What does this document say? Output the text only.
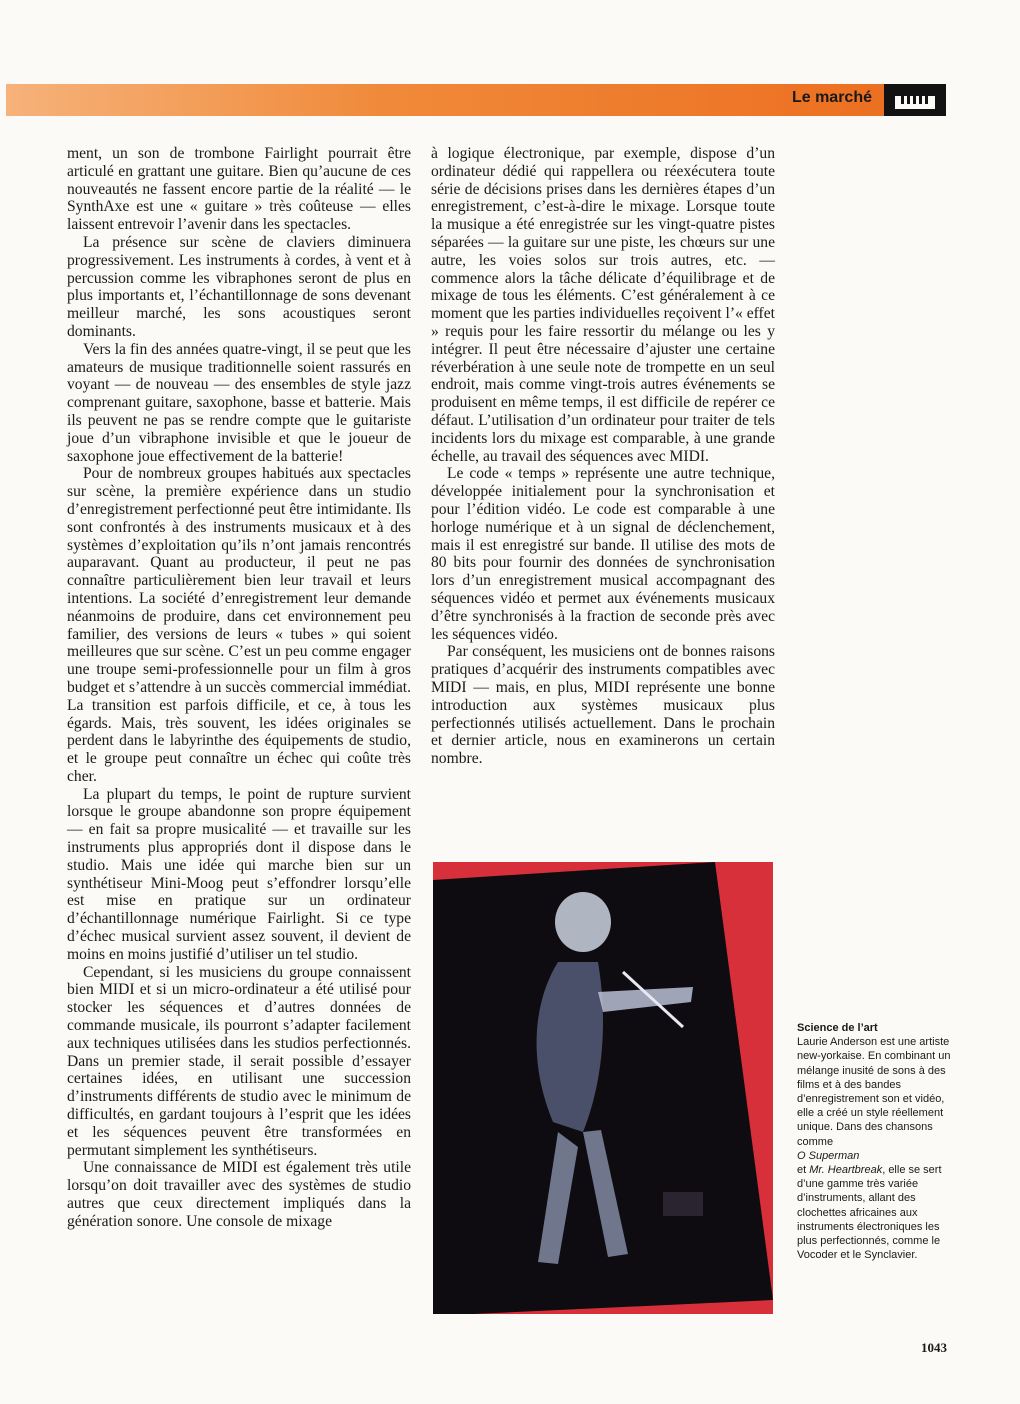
Le marché

ment, un son de trombone Fairlight pourrait être articulé en grattant une guitare. Bien qu’aucune de ces nouveautés ne fassent encore partie de la réalité — le SynthAxe est une « guitare » très coûteuse — elles laissent entrevoir l’avenir dans les spectacles.

La présence sur scène de claviers diminuera progressivement. Les instruments à cordes, à vent et à percussion comme les vibraphones seront de plus en plus importants et, l’échantillonnage de sons devenant meilleur marché, les sons acoustiques seront dominants.

Vers la fin des années quatre-vingt, il se peut que les amateurs de musique traditionnelle soient rassurés en voyant — de nouveau — des ensembles de style jazz comprenant guitare, saxophone, basse et batterie. Mais ils peuvent ne pas se rendre compte que le guitariste joue d’un vibraphone invisible et que le joueur de saxophone joue effectivement de la batterie!

Pour de nombreux groupes habitués aux spectacles sur scène, la première expérience dans un studio d’enregistrement perfectionné peut être intimidante. Ils sont confrontés à des instruments musicaux et à des systèmes d’exploitation qu’ils n’ont jamais rencontrés auparavant. Quant au producteur, il peut ne pas connaître particulièrement bien leur travail et leurs intentions. La société d’enregistrement leur demande néanmoins de produire, dans cet environnement peu familier, des versions de leurs « tubes » qui soient meilleures que sur scène. C’est un peu comme engager une troupe semi-professionnelle pour un film à gros budget et s’attendre à un succès commercial immédiat. La transition est parfois difficile, et ce, à tous les égards. Mais, très souvent, les idées originales se perdent dans le labyrinthe des équipements de studio, et le groupe peut connaître un échec qui coûte très cher.

La plupart du temps, le point de rupture survient lorsque le groupe abandonne son propre équipement — en fait sa propre musicalité — et travaille sur les instruments plus appropriés dont il dispose dans le studio. Mais une idée qui marche bien sur un synthétiseur Mini-Moog peut s’effondrer lorsqu’elle est mise en pratique sur un ordinateur d’échantillonnage numérique Fairlight. Si ce type d’échec musical survient assez souvent, il devient de moins en moins justifié d’utiliser un tel studio.

Cependant, si les musiciens du groupe connaissent bien MIDI et si un micro-ordinateur a été utilisé pour stocker les séquences et d’autres données de commande musicale, ils pourront s’adapter facilement aux techniques utilisées dans les studios perfectionnés. Dans un premier stade, il serait possible d’essayer certaines idées, en utilisant une succession d’instruments différents de studio avec le minimum de difficultés, en gardant toujours à l’esprit que les idées et les séquences peuvent être transformées en permutant simplement les synthétiseurs.

Une connaissance de MIDI est également très utile lorsqu’on doit travailler avec des systèmes de studio autres que ceux directement impliqués dans la génération sonore. Une console de mixage

à logique électronique, par exemple, dispose d’un ordinateur dédié qui rappellera ou réexécutera toute série de décisions prises dans les dernières étapes d’un enregistrement, c’est-à-dire le mixage. Lorsque toute la musique a été enregistrée sur les vingt-quatre pistes séparées — la guitare sur une piste, les chœurs sur une autre, les voies solos sur trois autres, etc. — commence alors la tâche délicate d’équilibrage et de mixage de tous les éléments. C’est généralement à ce moment que les parties individuelles reçoivent l’« effet » requis pour les faire ressortir du mélange ou les y intégrer. Il peut être nécessaire d’ajuster une certaine réverbération à une seule note de trompette en un seul endroit, mais comme vingt-trois autres événements se produisent en même temps, il est difficile de repérer ce défaut. L’utilisation d’un ordinateur pour traiter de tels incidents lors du mixage est comparable, à une grande échelle, au travail des séquences avec MIDI.

Le code « temps » représente une autre technique, développée initialement pour la synchronisation et pour l’édition vidéo. Le code est comparable à une horloge numérique et à un signal de déclenchement, mais il est enregistré sur bande. Il utilise des mots de 80 bits pour fournir des données de synchronisation lors d’un enregistrement musical accompagnant des séquences vidéo et permet aux événements musicaux d’être synchronisés à la fraction de seconde près avec les séquences vidéo.

Par conséquent, les musiciens ont de bonnes raisons pratiques d’acquérir des instruments compatibles avec MIDI — mais, en plus, MIDI représente une bonne introduction aux systèmes musicaux plus perfectionnés utilisés actuellement. Dans le prochain et dernier article, nous en examinerons un certain nombre.

Science de l’art
Laurie Anderson est une artiste new-yorkaise. En combinant un mélange inusité de sons à des films et à des bandes d’enregistrement son et vidéo, elle a créé un style réellement unique. Dans des chansons comme
O Superman
et Mr. Heartbreak, elle se sert d’une gamme très variée d’instruments, allant des clochettes africaines aux instruments électroniques les plus perfectionnés, comme le Vocoder et le Synclavier.
1043
